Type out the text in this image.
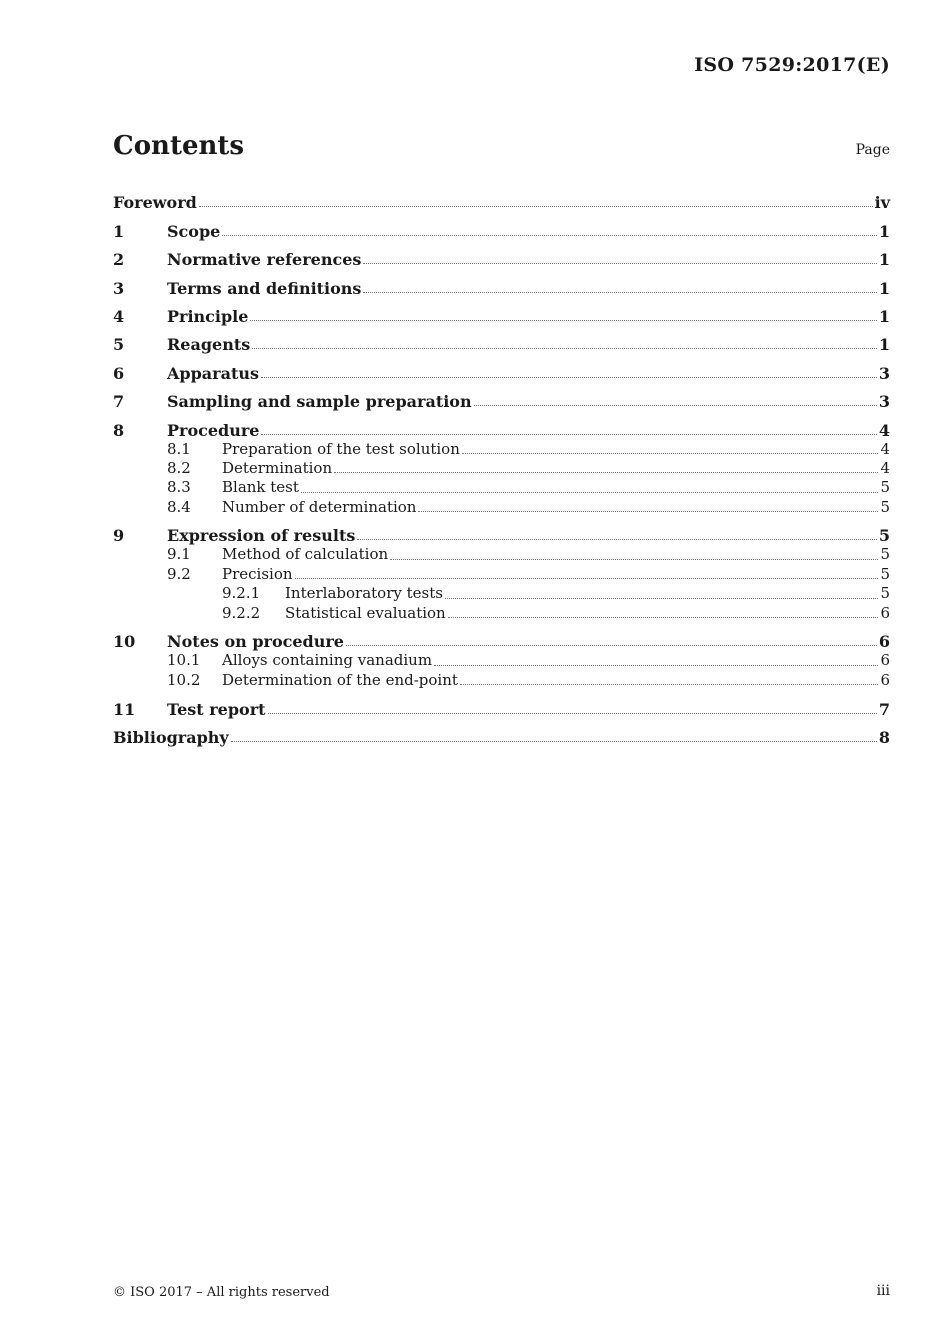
ISO 7529:2017(E)
Contents	Page
Foreword	iv
1	Scope	1
2	Normative references	1
3	Terms and definitions	1
4	Principle	1
5	Reagents	1
6	Apparatus	3
7	Sampling and sample preparation	3
8	Procedure	4
8.1	Preparation of the test solution	4
8.2	Determination	4
8.3	Blank test	5
8.4	Number of determination	5
9	Expression of results	5
9.1	Method of calculation	5
9.2	Precision	5
9.2.1	Interlaboratory tests	5
9.2.2	Statistical evaluation	6
10	Notes on procedure	6
10.1	Alloys containing vanadium	6
10.2	Determination of the end-point	6
11	Test report	7
Bibliography	8
© ISO 2017 – All rights reserved	iii
